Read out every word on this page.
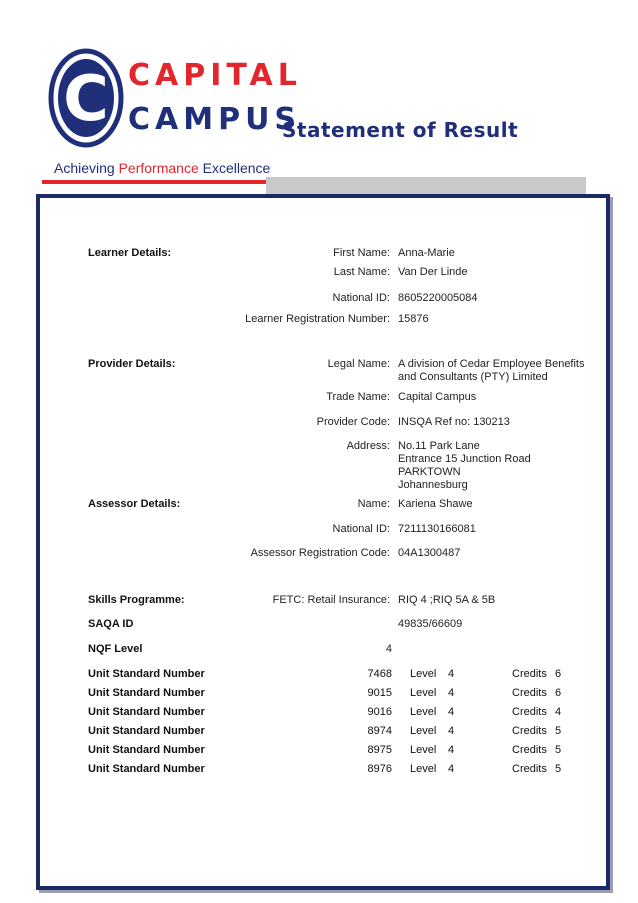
C CAPITAL
CAMPUS
Statement of Result
Achieving Performance Excellence
Learner Details:	First Name: Anna-Marie
Last Name: Van Der Linde
National ID: 8605220005084
Learner Registration Number: 15876
Provider Details:	Legal Name: A division of Cedar Employee Benefits
and Consultants (PTY) Limited
Trade Name: Capital Campus
Provider Code: INSQA Ref no: 130213
Address: No.11 Park Lane
Entrance 15 Junction Road
PARKTOWN
Johannesburg
Assessor Details:	Name: Kariena Shawe
National ID: 7211130166081
Assessor Registration Code: 04A1300487
Skills Programme:	FETC: Retail Insurance: RIQ 4 ;RIQ 5A & 5B
SAQA ID	49835/66609
NQF Level	4
Unit Standard Number	7468 Level 4	Credits 6
Unit Standard Number	9015 Level 4	Credits 6
Unit Standard Number	9016 Level 4	Credits 4
Unit Standard Number	8974 Level 4	Credits 5
Unit Standard Number	8975 Level 4	Credits 5
Unit Standard Number	8976 Level 4	Credits 5
